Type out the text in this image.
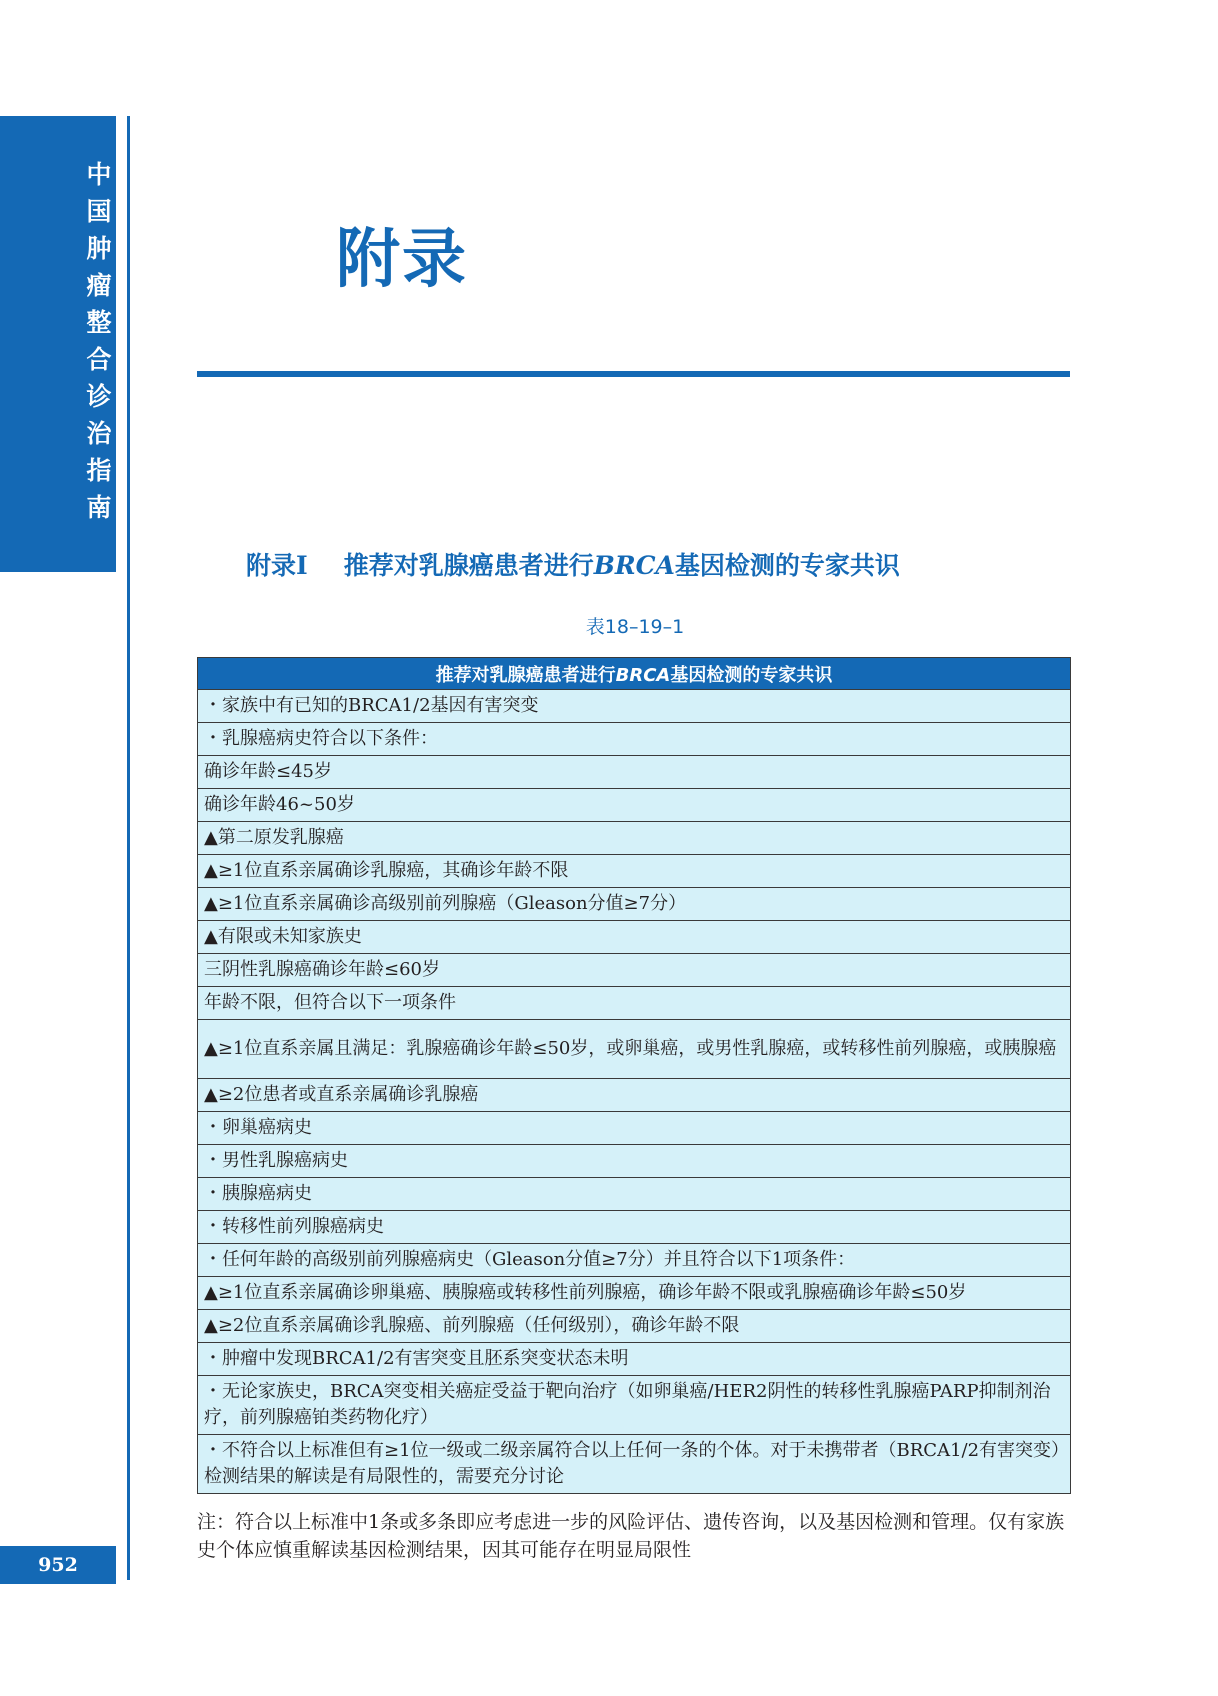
中国肿瘤整合诊治指南
952
附录
附录Ⅰ 推荐对乳腺癌患者进行BRCA基因检测的专家共识
表18–19–1
推荐对乳腺癌患者进行BRCA基因检测的专家共识
・家族中有已知的BRCA1/2基因有害突变
・乳腺癌病史符合以下条件：
确诊年龄≤45岁
确诊年龄46~50岁
▲第二原发乳腺癌
▲≥1位直系亲属确诊乳腺癌，其确诊年龄不限
▲≥1位直系亲属确诊高级别前列腺癌（Gleason分值≥7分）
▲有限或未知家族史
三阴性乳腺癌确诊年龄≤60岁
年龄不限，但符合以下一项条件
▲≥1位直系亲属且满足：乳腺癌确诊年龄≤50岁，或卵巢癌，或男性乳腺癌，或转移性前列腺癌，或胰腺癌
▲≥2位患者或直系亲属确诊乳腺癌
・卵巢癌病史
・男性乳腺癌病史
・胰腺癌病史
・转移性前列腺癌病史
・任何年龄的高级别前列腺癌病史（Gleason分值≥7分）并且符合以下1项条件：
▲≥1位直系亲属确诊卵巢癌、胰腺癌或转移性前列腺癌，确诊年龄不限或乳腺癌确诊年龄≤50岁
▲≥2位直系亲属确诊乳腺癌、前列腺癌（任何级别），确诊年龄不限
・肿瘤中发现BRCA1/2有害突变且胚系突变状态未明
・无论家族史，BRCA突变相关癌症受益于靶向治疗（如卵巢癌/HER2阴性的转移性乳腺癌PARP抑制剂治疗，前列腺癌铂类药物化疗）
・不符合以上标准但有≥1位一级或二级亲属符合以上任何一条的个体。对于未携带者（BRCA1/2有害突变）检测结果的解读是有局限性的，需要充分讨论
注：符合以上标准中1条或多条即应考虑进一步的风险评估、遗传咨询，以及基因检测和管理。仅有家族史个体应慎重解读基因检测结果，因其可能存在明显局限性
